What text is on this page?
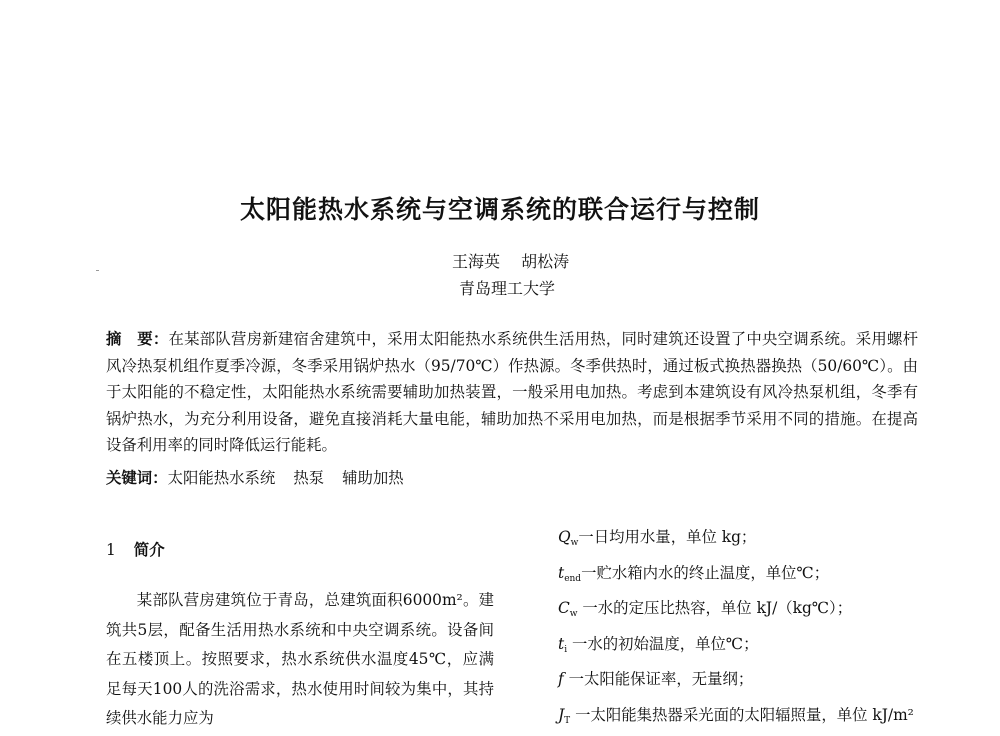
太阳能热水系统与空调系统的联合运行与控制
王海英 胡松涛
青岛理工大学
摘　要：在某部队营房新建宿舍建筑中，采用太阳能热水系统供生活用热，同时建筑还设置了中央空调系统。采用螺杆风冷热泵机组作夏季冷源，冬季采用锅炉热水（95/70℃）作热源。冬季供热时，通过板式换热器换热（50/60℃）。由于太阳能的不稳定性，太阳能热水系统需要辅助加热装置，一般采用电加热。考虑到本建筑设有风冷热泵机组，冬季有锅炉热水，为充分利用设备，避免直接消耗大量电能，辅助加热不采用电加热，而是根据季节采用不同的措施。在提高设备利用率的同时降低运行能耗。
关键词：太阳能热水系统 热泵 辅助加热
1 简介

某部队营房建筑位于青岛，总建筑面积6000m²。建筑共5层，配备生活用热水系统和中央空调系统。设备间在五楼顶上。按照要求，热水系统供水温度45℃，应满足每天100人的洗浴需求，热水使用时间较为集中，其持续供水能力应为

$Q_w$一日均用水量，单位 kg；

$t_{end}$一贮水箱内水的终止温度，单位℃；

$C_w$ 一水的定压比热容，单位 kJ/（kg℃）；

$t_i$ 一水的初始温度，单位℃；

f 一太阳能保证率，无量纲；

$J_T$ 一太阳能集热器采光面的太阳辐照量，单位 kJ/m²
